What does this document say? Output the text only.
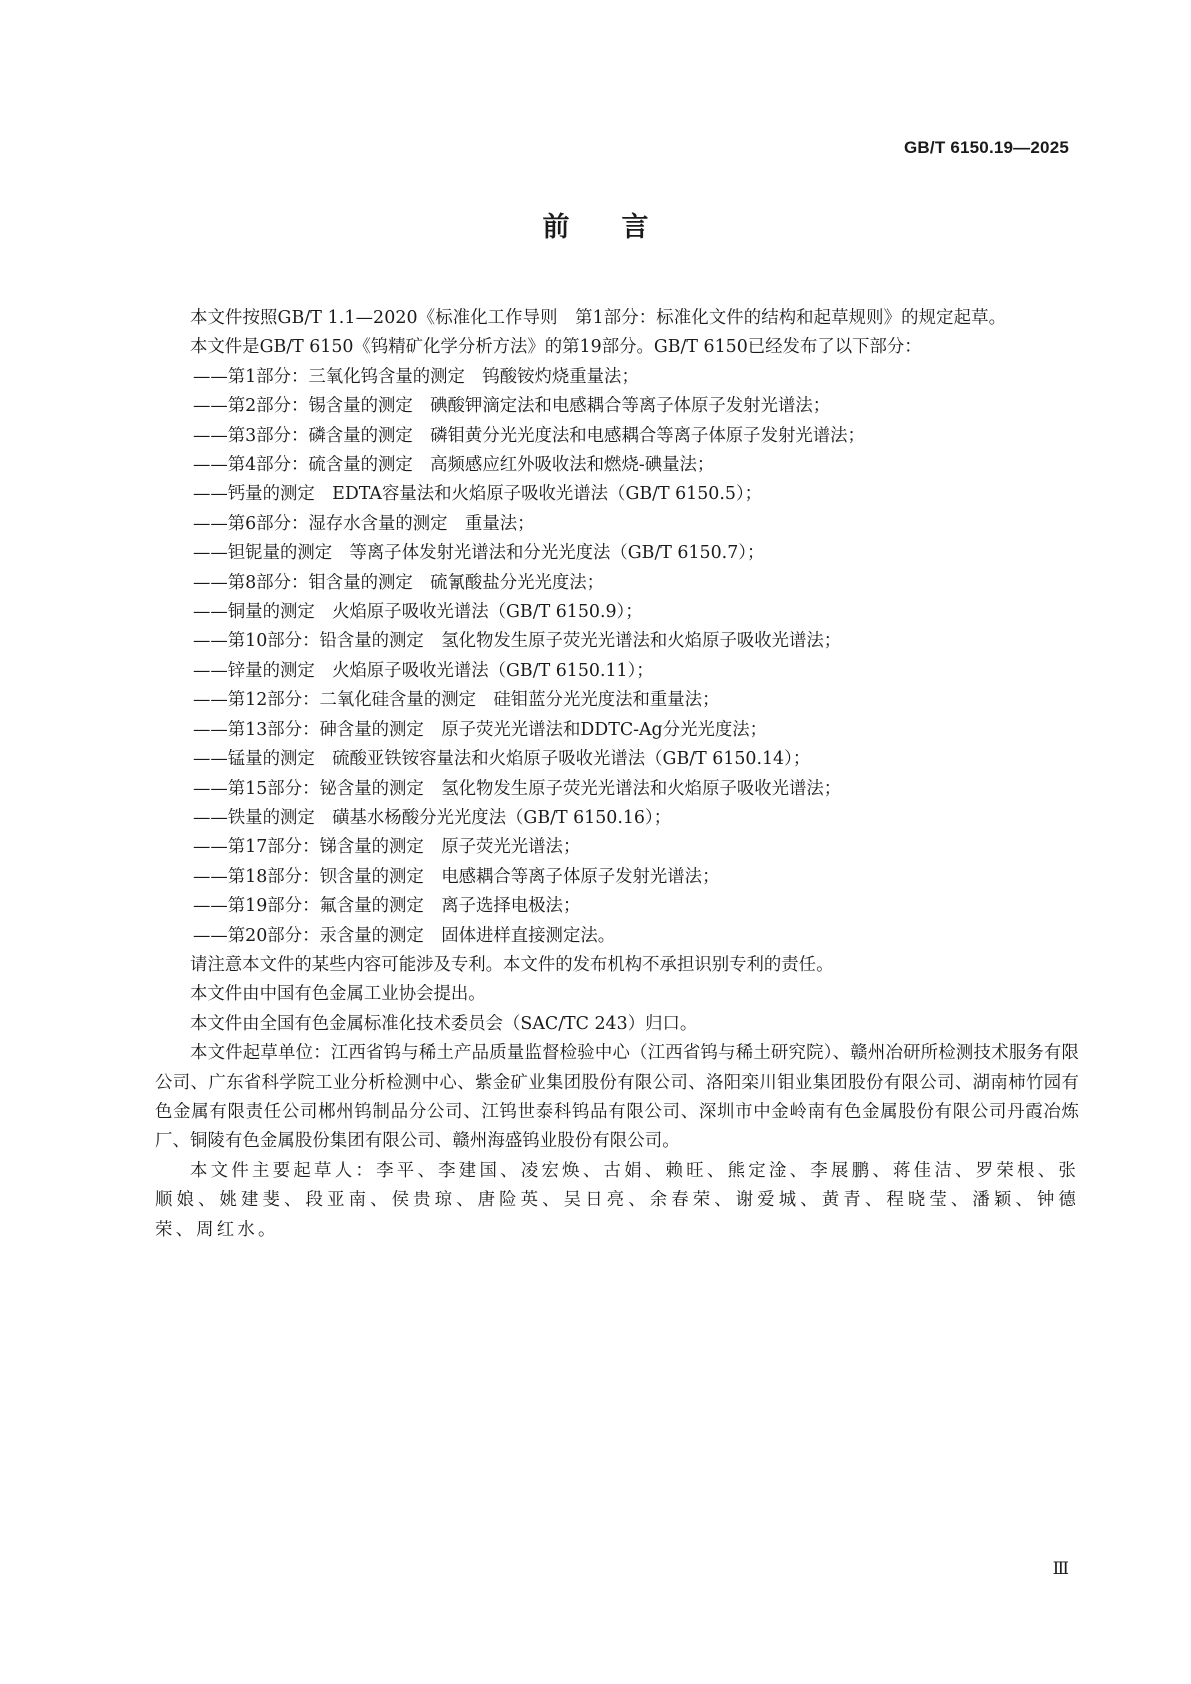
GB/T 6150.19—2025
前言

本文件按照GB/T 1.1—2020《标准化工作导则　第1部分：标准化文件的结构和起草规则》的规定起草。

本文件是GB/T 6150《钨精矿化学分析方法》的第19部分。GB/T 6150已经发布了以下部分：

——第1部分：三氧化钨含量的测定　钨酸铵灼烧重量法；
——第2部分：锡含量的测定　碘酸钾滴定法和电感耦合等离子体原子发射光谱法；
——第3部分：磷含量的测定　磷钼黄分光光度法和电感耦合等离子体原子发射光谱法；
——第4部分：硫含量的测定　高频感应红外吸收法和燃烧-碘量法；
——钙量的测定　EDTA容量法和火焰原子吸收光谱法（GB/T 6150.5）；
——第6部分：湿存水含量的测定　重量法；
——钽铌量的测定　等离子体发射光谱法和分光光度法（GB/T 6150.7）；
——第8部分：钼含量的测定　硫氰酸盐分光光度法；
——铜量的测定　火焰原子吸收光谱法（GB/T 6150.9）；
——第10部分：铅含量的测定　氢化物发生原子荧光光谱法和火焰原子吸收光谱法；
——锌量的测定　火焰原子吸收光谱法（GB/T 6150.11）；
——第12部分：二氧化硅含量的测定　硅钼蓝分光光度法和重量法；
——第13部分：砷含量的测定　原子荧光光谱法和DDTC-Ag分光光度法；
——锰量的测定　硫酸亚铁铵容量法和火焰原子吸收光谱法（GB/T 6150.14）；
——第15部分：铋含量的测定　氢化物发生原子荧光光谱法和火焰原子吸收光谱法；
——铁量的测定　磺基水杨酸分光光度法（GB/T 6150.16）；
——第17部分：锑含量的测定　原子荧光光谱法；
——第18部分：钡含量的测定　电感耦合等离子体原子发射光谱法；
——第19部分：氟含量的测定　离子选择电极法；
——第20部分：汞含量的测定　固体进样直接测定法。

请注意本文件的某些内容可能涉及专利。本文件的发布机构不承担识别专利的责任。

本文件由中国有色金属工业协会提出。

本文件由全国有色金属标准化技术委员会（SAC/TC 243）归口。

本文件起草单位：江西省钨与稀土产品质量监督检验中心（江西省钨与稀土研究院）、赣州冶研所检测技术服务有限公司、广东省科学院工业分析检测中心、紫金矿业集团股份有限公司、洛阳栾川钼业集团股份有限公司、湖南柿竹园有色金属有限责任公司郴州钨制品分公司、江钨世泰科钨品有限公司、深圳市中金岭南有色金属股份有限公司丹霞冶炼厂、铜陵有色金属股份集团有限公司、赣州海盛钨业股份有限公司。

本文件主要起草人：李平、李建国、凌宏焕、古娟、赖旺、熊定淦、李展鹏、蒋佳洁、罗荣根、张顺娘、姚建斐、段亚南、侯贵琼、唐险英、吴日亮、余春荣、谢爱城、黄青、程晓莹、潘颖、钟德荣、周红水。

Ⅲ
